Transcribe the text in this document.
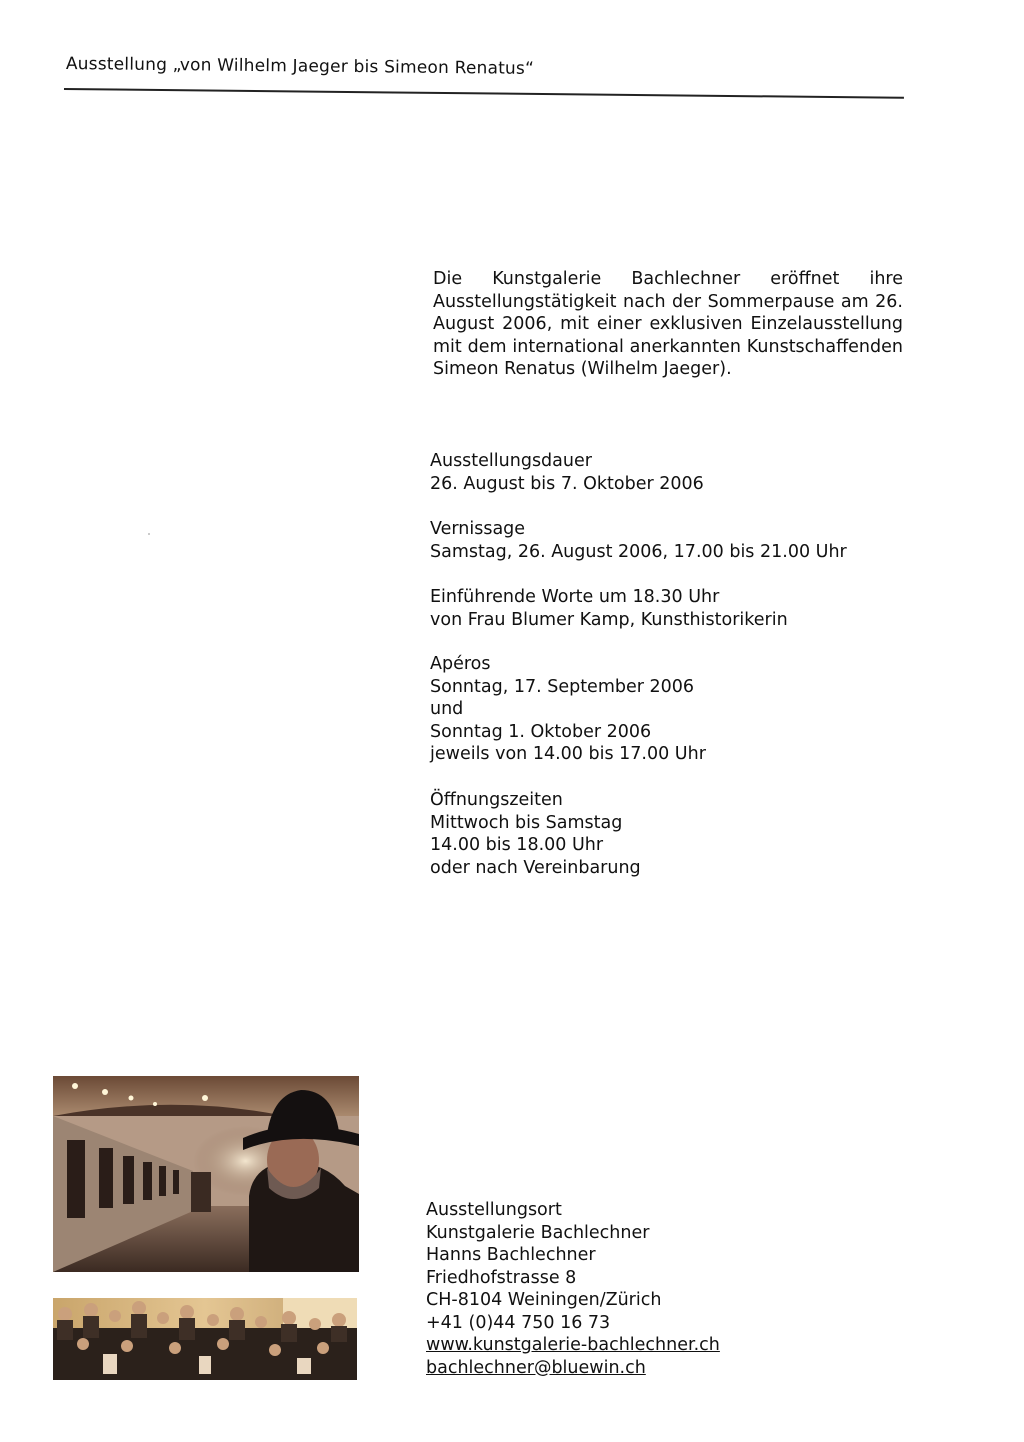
Ausstellung „von Wilhelm Jaeger bis Simeon Renatus“
Die Kunstgalerie Bachlechner eröffnet ihre Ausstellungstätigkeit nach der Sommerpause am 26. August 2006, mit einer exklusiven Einzelausstellung mit dem international anerkannten Kunstschaffenden Simeon Renatus (Wilhelm Jaeger).
Ausstellungsdauer
26. August bis 7. Oktober 2006
Vernissage
Samstag, 26. August 2006, 17.00 bis 21.00 Uhr
Einführende Worte um 18.30 Uhr
von Frau Blumer Kamp, Kunsthistorikerin
Apéros
Sonntag, 17. September 2006
und
Sonntag 1. Oktober 2006
jeweils von 14.00 bis 17.00 Uhr
Öffnungszeiten
Mittwoch bis Samstag
14.00 bis 18.00 Uhr
oder nach Vereinbarung
Ausstellungsort
Kunstgalerie Bachlechner
Hanns Bachlechner
Friedhofstrasse 8
CH-8104 Weiningen/Zürich
+41 (0)44 750 16 73
www.kunstgalerie-bachlechner.ch
bachlechner@bluewin.ch
